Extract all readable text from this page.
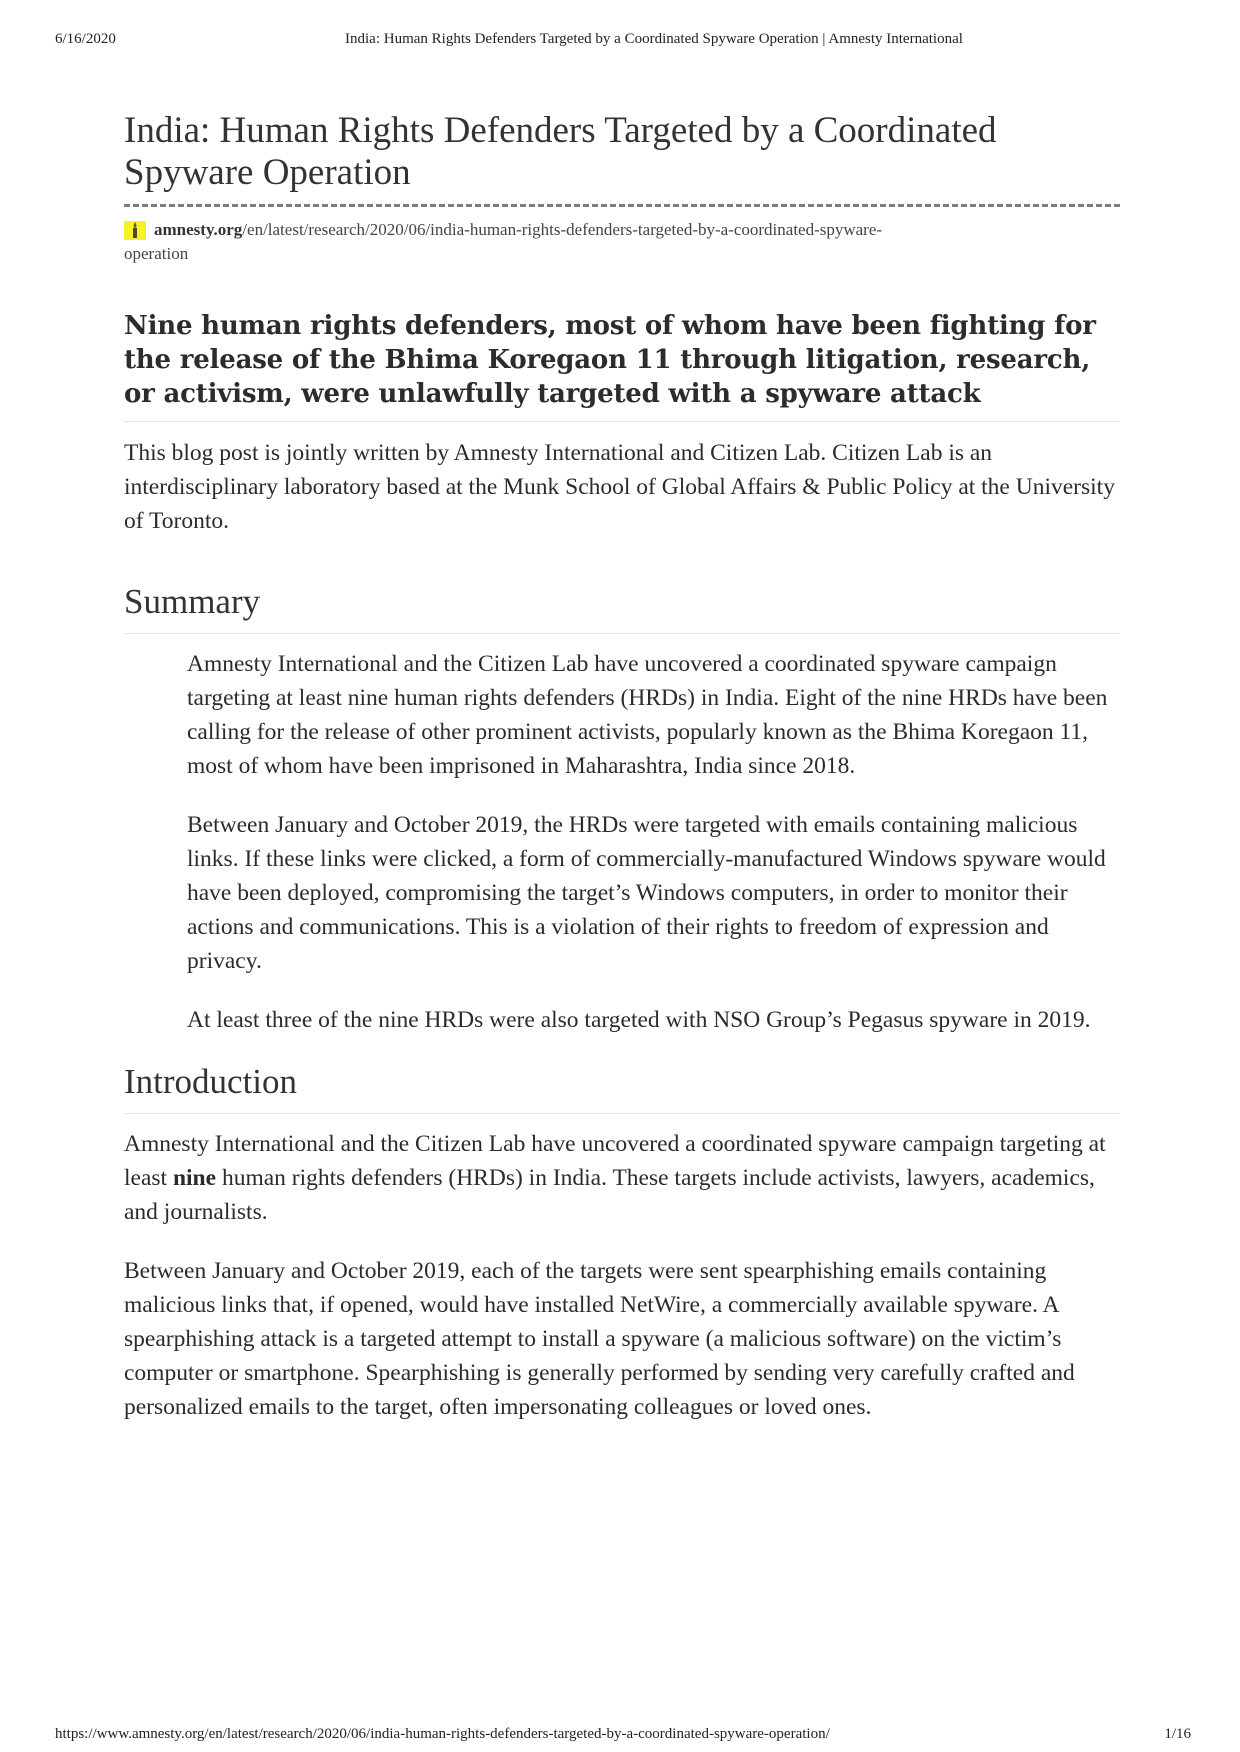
6/16/2020	India: Human Rights Defenders Targeted by a Coordinated Spyware Operation | Amnesty International
India: Human Rights Defenders Targeted by a Coordinated
Spyware Operation
amnesty.org/en/latest/research/2020/06/india-human-rights-defenders-targeted-by-a-coordinated-spyware-
operation
Nine human rights defenders, most of whom have been fighting for the release of the Bhima Koregaon 11 through litigation, research, or activism, were unlawfully targeted with a spyware attack

This blog post is jointly written by Amnesty International and Citizen Lab. Citizen Lab is an interdisciplinary laboratory based at the Munk School of Global Affairs & Public Policy at the University of Toronto.

Summary

Amnesty International and the Citizen Lab have uncovered a coordinated spyware campaign targeting at least nine human rights defenders (HRDs) in India. Eight of the nine HRDs have been calling for the release of other prominent activists, popularly known as the Bhima Koregaon 11, most of whom have been imprisoned in Maharashtra, India since 2018.

Between January and October 2019, the HRDs were targeted with emails containing malicious links. If these links were clicked, a form of commercially-manufactured Windows spyware would have been deployed, compromising the target’s Windows computers, in order to monitor their actions and communications. This is a violation of their rights to freedom of expression and privacy.

At least three of the nine HRDs were also targeted with NSO Group’s Pegasus spyware in 2019.

Introduction

Amnesty International and the Citizen Lab have uncovered a coordinated spyware campaign targeting at least nine human rights defenders (HRDs) in India. These targets include activists, lawyers, academics, and journalists.

Between January and October 2019, each of the targets were sent spearphishing emails containing malicious links that, if opened, would have installed NetWire, a commercially available spyware. A spearphishing attack is a targeted attempt to install a spyware (a malicious software) on the victim’s computer or smartphone. Spearphishing is generally performed by sending very carefully crafted and personalized emails to the target, often impersonating colleagues or loved ones.

https://www.amnesty.org/en/latest/research/2020/06/india-human-rights-defenders-targeted-by-a-coordinated-spyware-operation/	1/16
